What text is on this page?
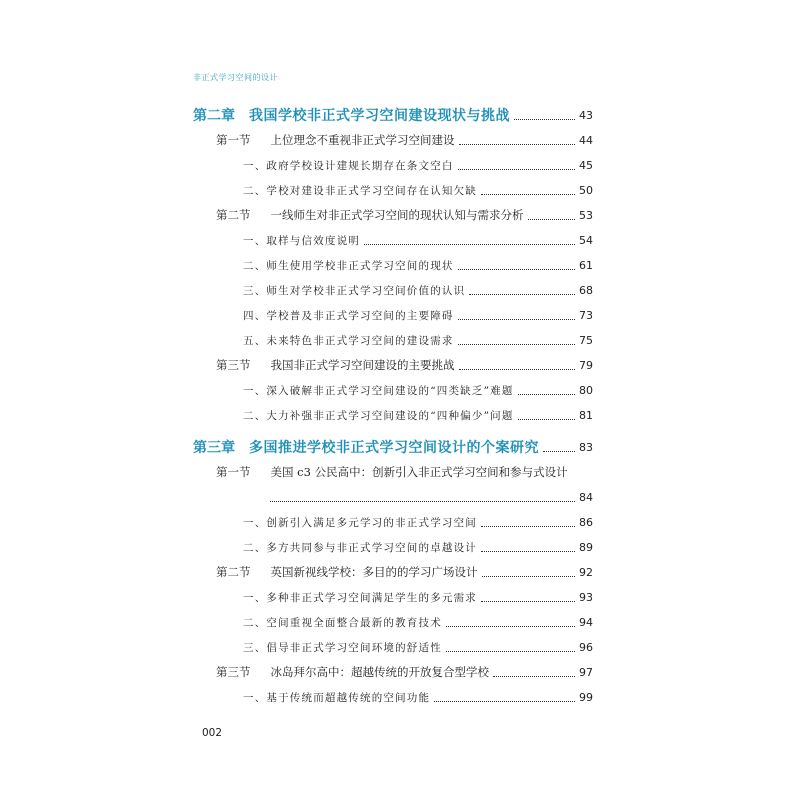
非正式学习空间的设计
第二章 我国学校非正式学习空间建设现状与挑战	43
第一节 上位理念不重视非正式学习空间建设	44
一、政府学校设计建规长期存在条文空白	45
二、学校对建设非正式学习空间存在认知欠缺	50
第二节 一线师生对非正式学习空间的现状认知与需求分析	53
一、取样与信效度说明	54
二、师生使用学校非正式学习空间的现状	61
三、师生对学校非正式学习空间价值的认识	68
四、学校普及非正式学习空间的主要障碍	73
五、未来特色非正式学习空间的建设需求	75
第三节 我国非正式学习空间建设的主要挑战	79
一、深入破解非正式学习空间建设的“四类缺乏”难题	80
二、大力补强非正式学习空间建设的“四种偏少”问题	81
第三章 多国推进学校非正式学习空间设计的个案研究	83
第一节 美国 c3 公民高中：创新引入非正式学习空间和参与式设计
84
一、创新引入满足多元学习的非正式学习空间	86
二、多方共同参与非正式学习空间的卓越设计	89
第二节 英国新视线学校：多目的的学习广场设计	92
一、多种非正式学习空间满足学生的多元需求	93
二、空间重视全面整合最新的教育技术	94
三、倡导非正式学习空间环境的舒适性	96
第三节 冰岛拜尔高中：超越传统的开放复合型学校	97
一、基于传统而超越传统的空间功能	99
002
